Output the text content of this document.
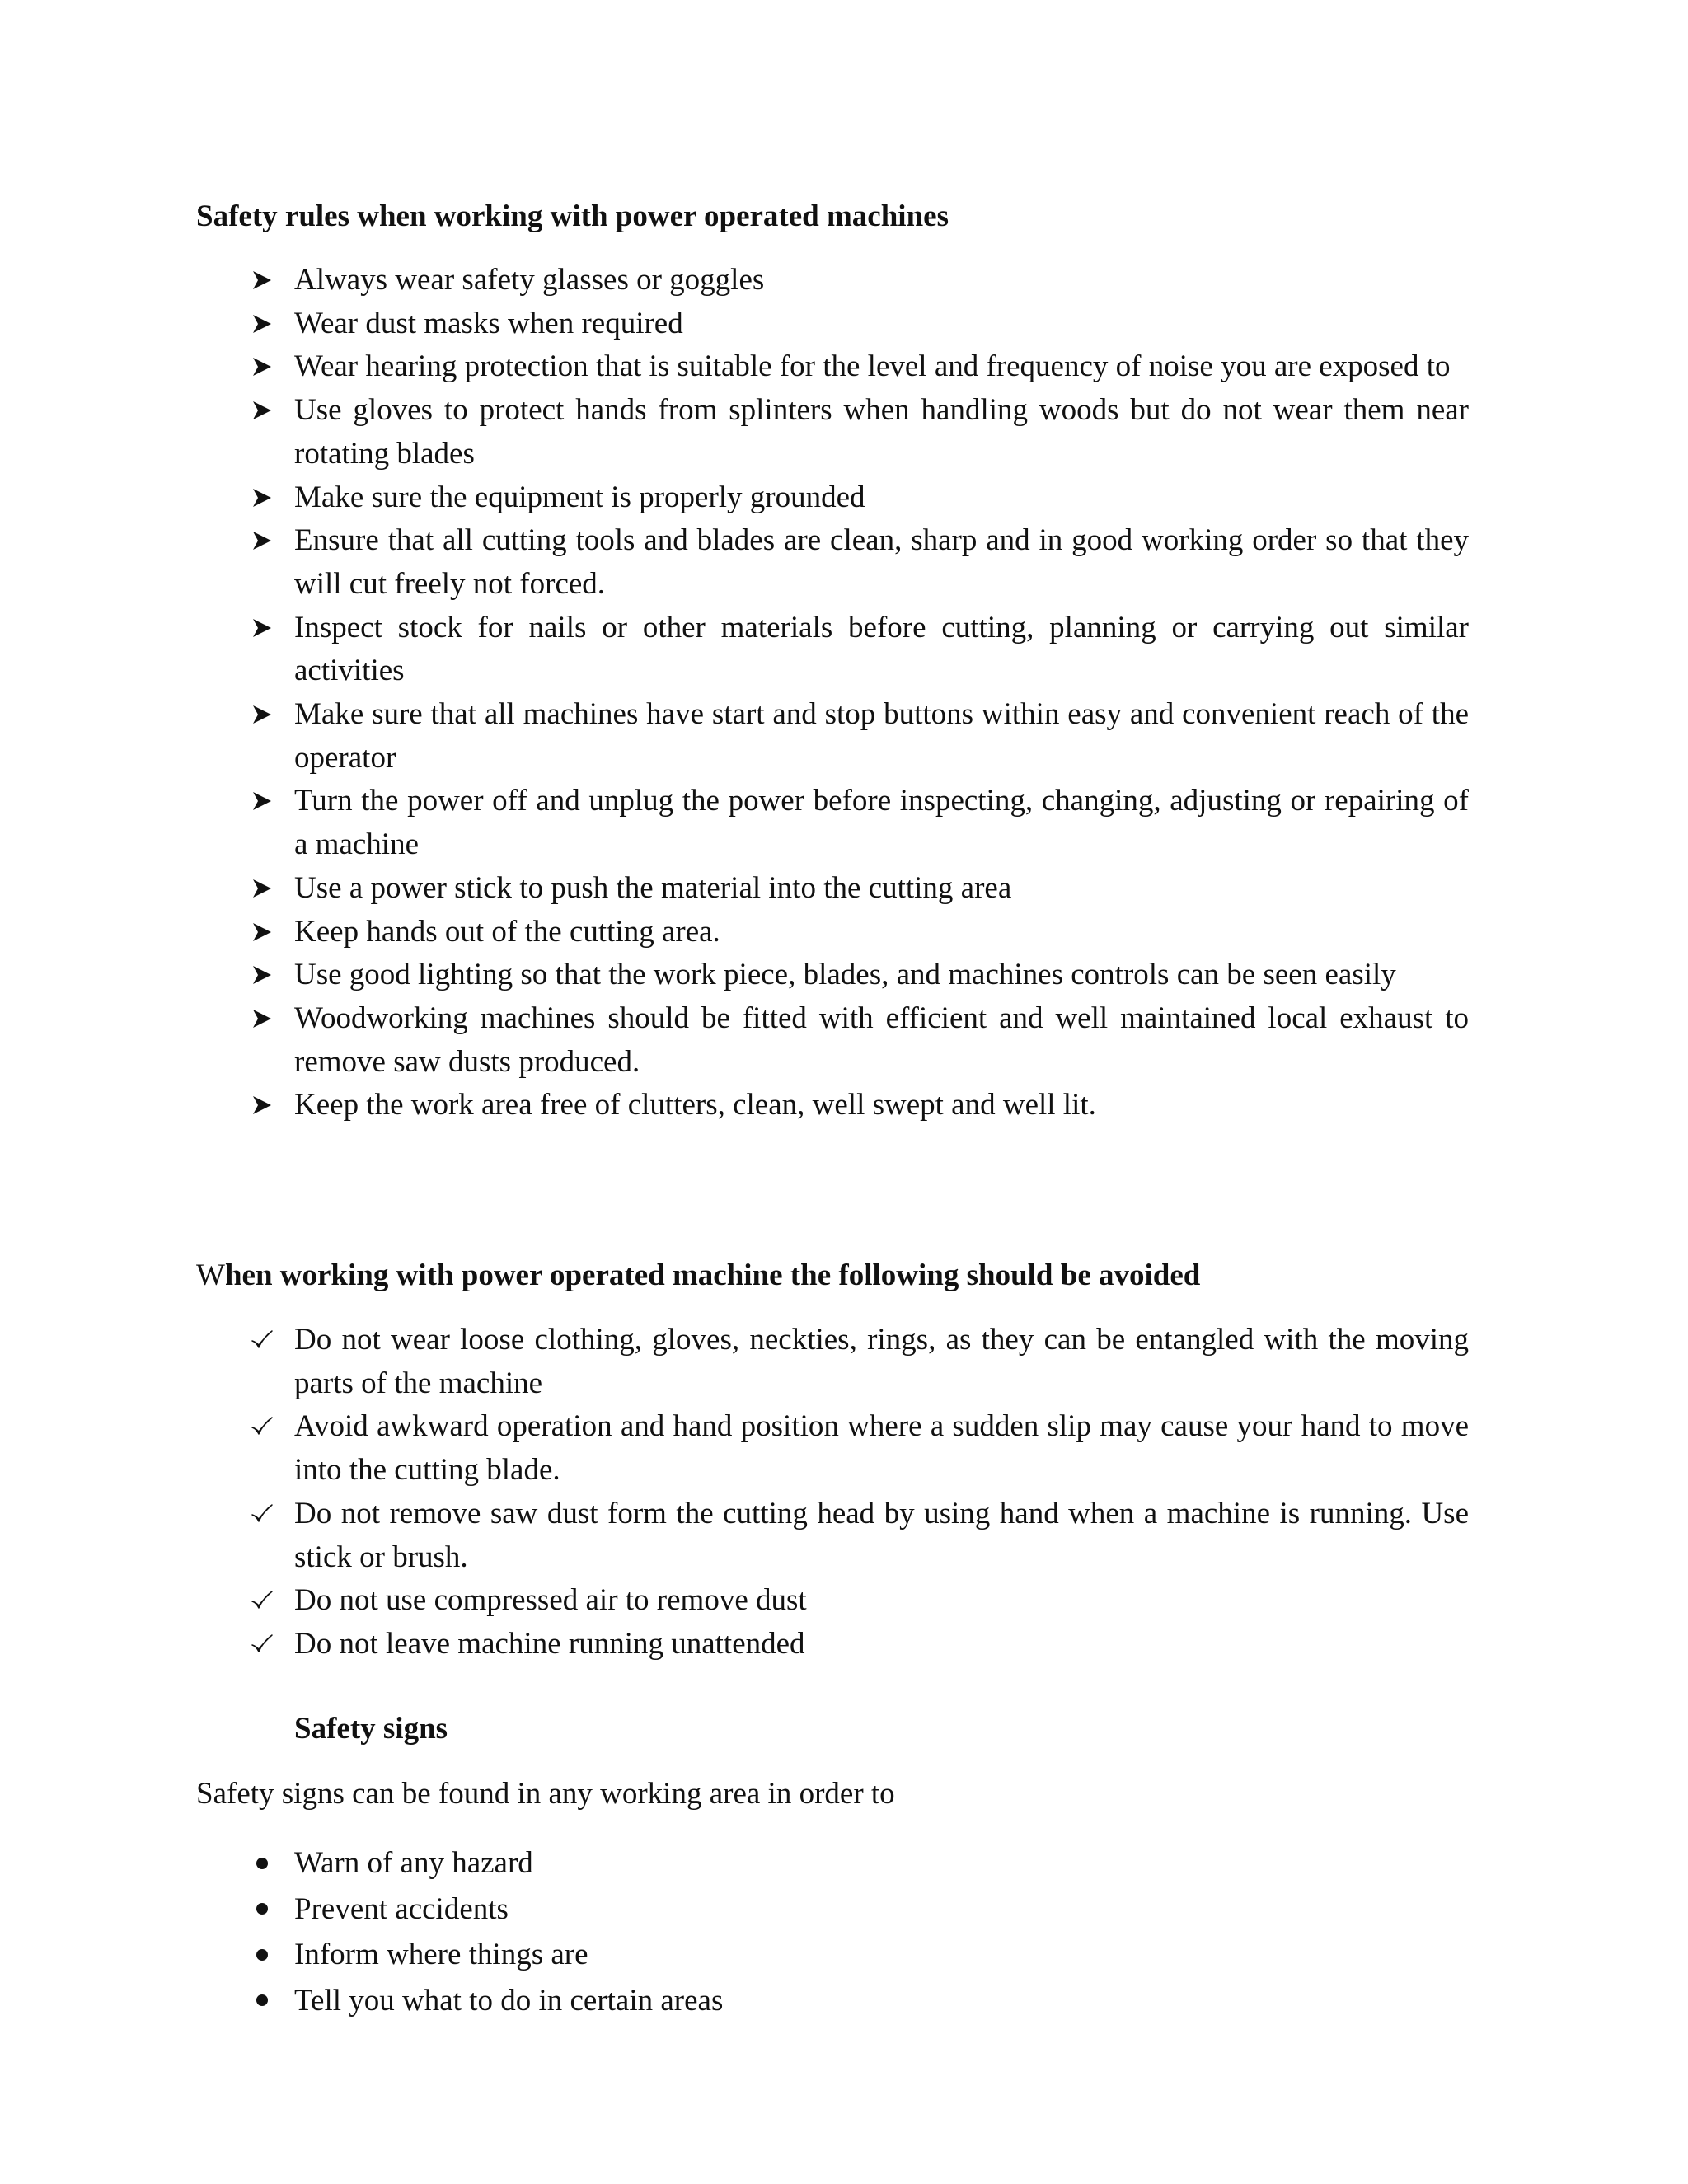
Safety rules when working with power operated machines
Always wear safety glasses or goggles
Wear dust masks when required
Wear hearing protection that is suitable for the level and frequency of noise you are exposed to
Use gloves to protect hands from splinters when handling woods but do not wear them near rotating blades
Make sure the equipment is properly grounded
Ensure that all cutting tools and blades are clean, sharp and in good working order so that they will cut freely not forced.
Inspect stock for nails or other materials before cutting, planning or carrying out similar activities
Make sure that all machines have start and stop buttons within easy and convenient reach of the operator
Turn the power off and unplug the power before inspecting, changing, adjusting or repairing of a machine
Use a power stick to push the material into the cutting area
Keep hands out of the cutting area.
Use good lighting so that the work piece, blades, and machines controls can be seen easily
Woodworking machines should be fitted with efficient and well maintained local exhaust to remove saw dusts produced.
Keep the work area free of clutters, clean, well swept and well lit.
When working with power operated machine the following should be avoided
Do not wear loose clothing, gloves, neckties, rings, as they can be entangled with the moving parts of the machine
Avoid awkward operation and hand position where a sudden slip may cause your hand to move into the cutting blade.
Do not remove saw dust form the cutting head by using hand when a machine is running. Use stick or brush.
Do not use compressed air to remove dust
Do not leave machine running unattended
Safety signs
Safety signs can be found in any working area in order to
Warn of any hazard
Prevent accidents
Inform where things are
Tell you what to do in certain areas
